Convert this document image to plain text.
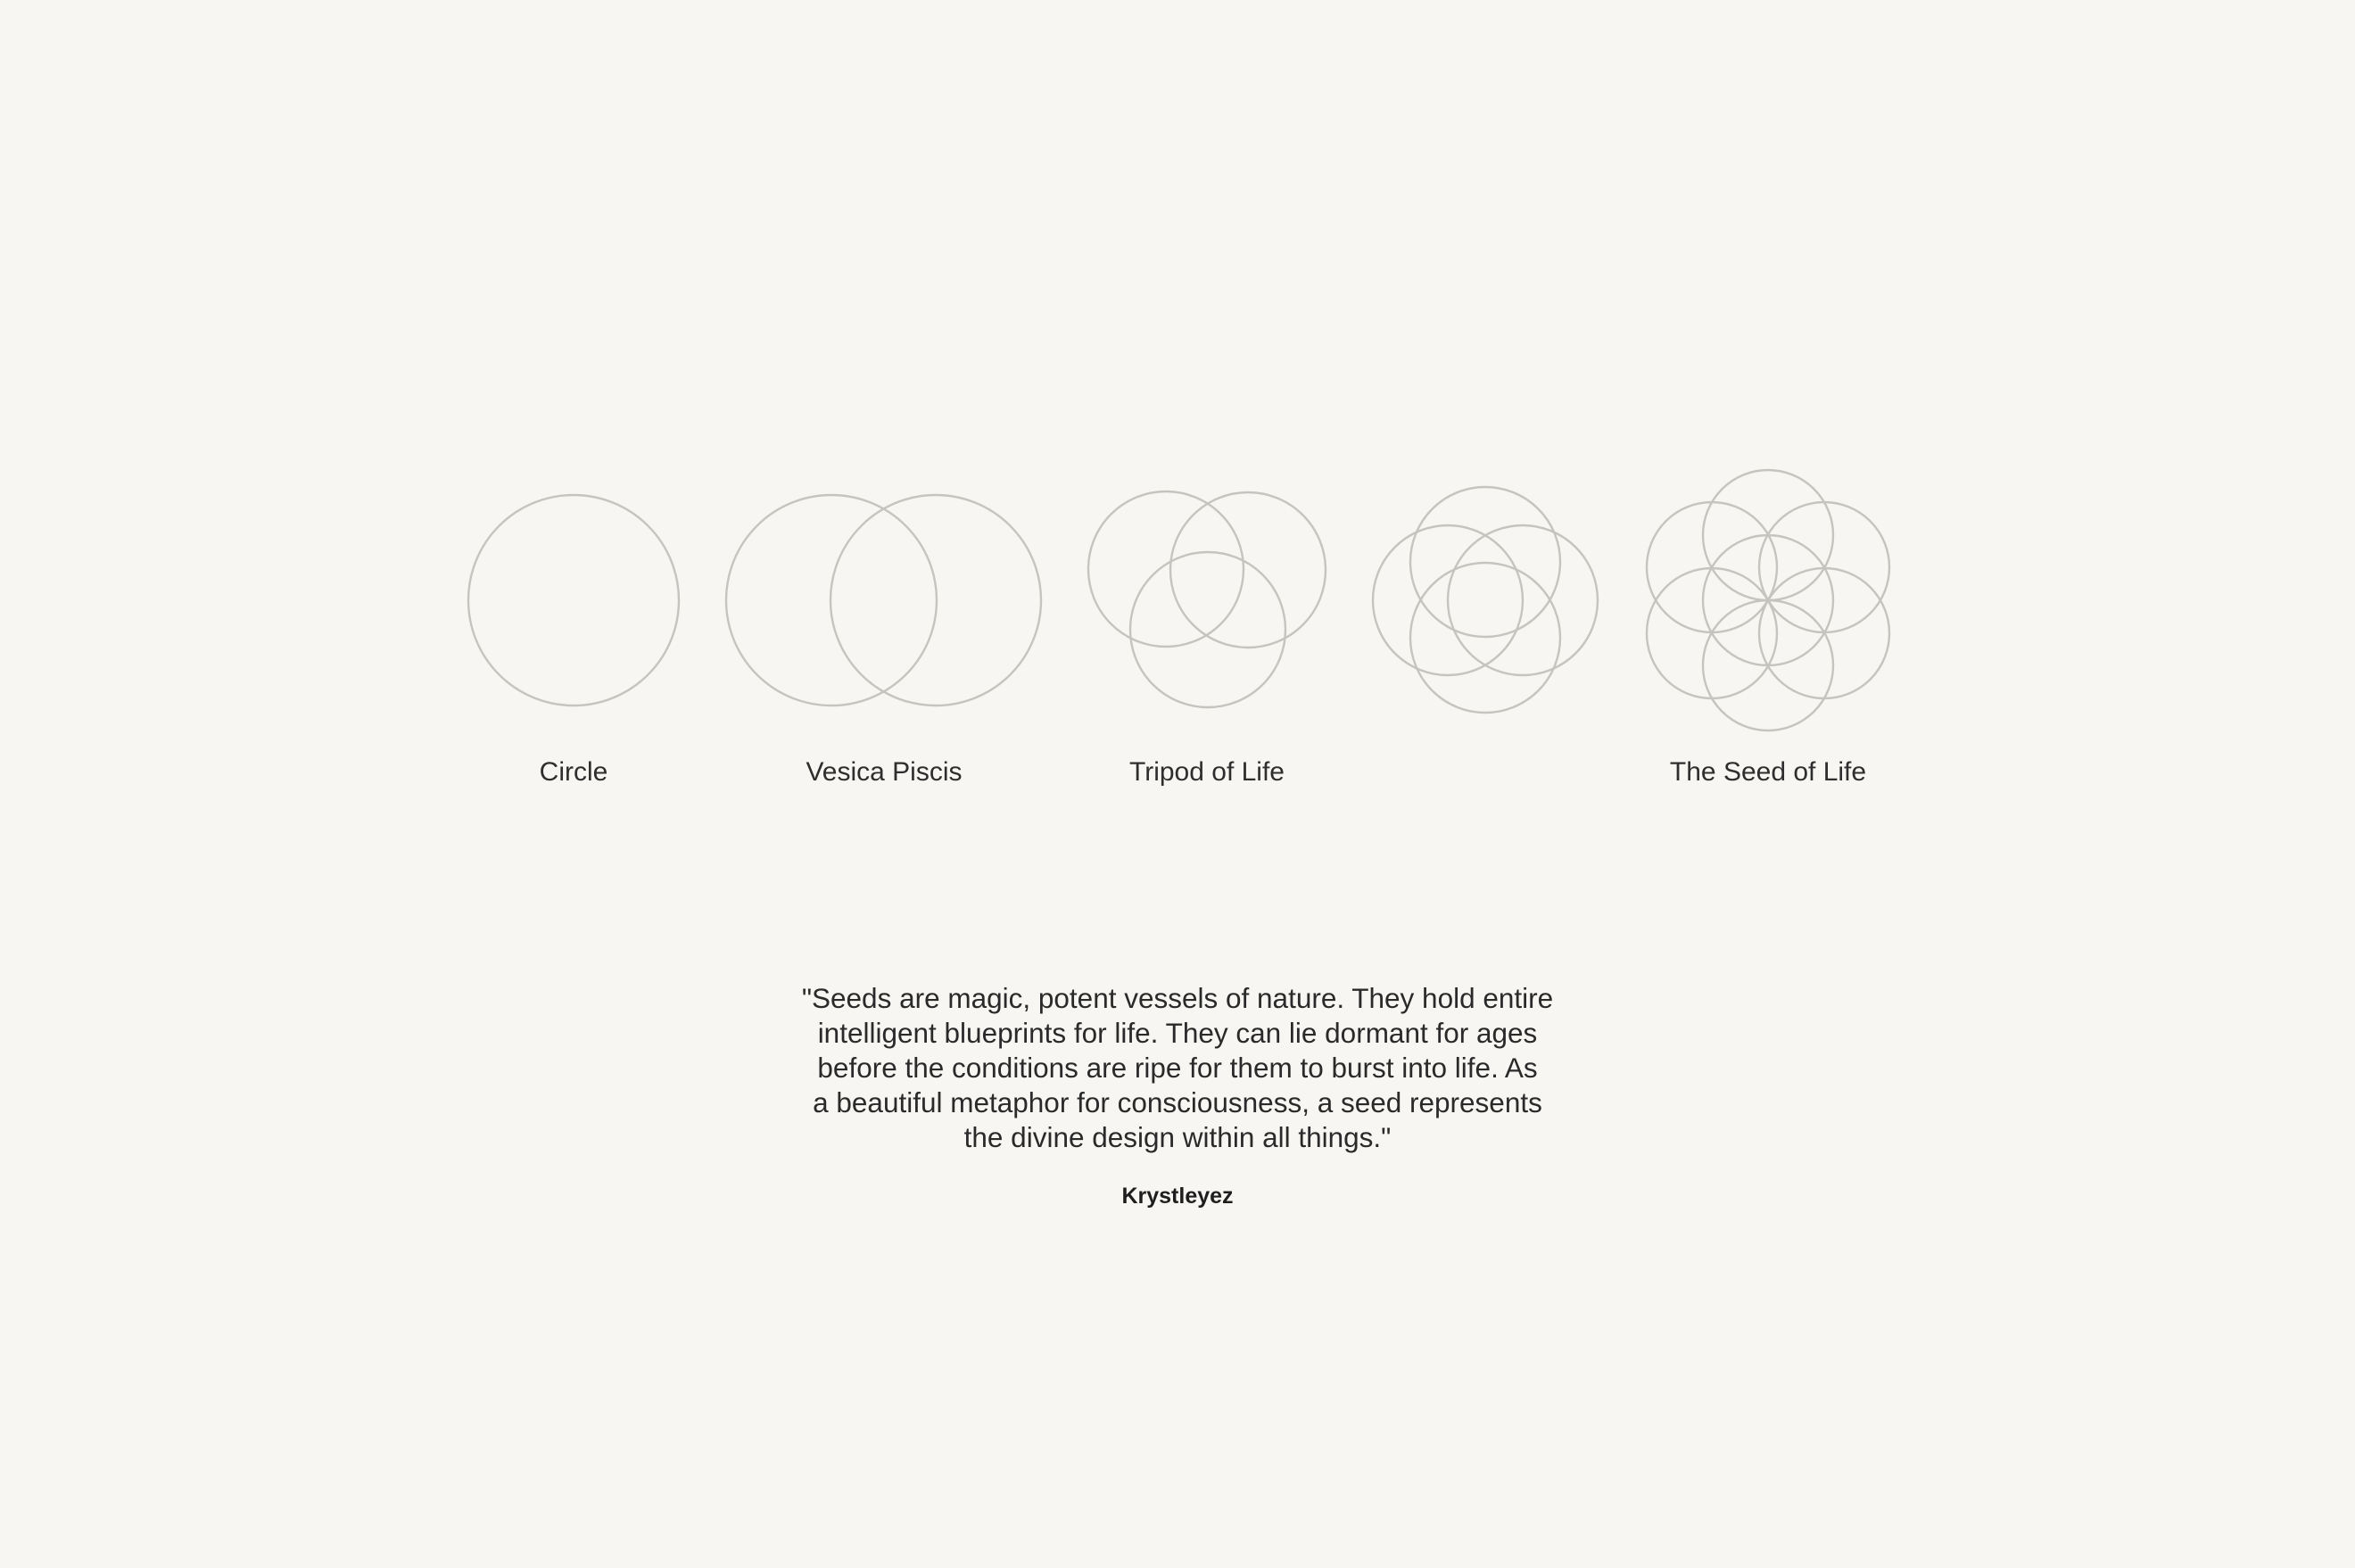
Circle	Vesica Piscis	Tripod of Life	The Seed of Life
"Seeds are magic, potent vessels of nature. They hold entire
intelligent blueprints for life. They can lie dormant for ages
before the conditions are ripe for them to burst into life. As
a beautiful metaphor for consciousness, a seed represents
the divine design within all things."
Krystleyez
